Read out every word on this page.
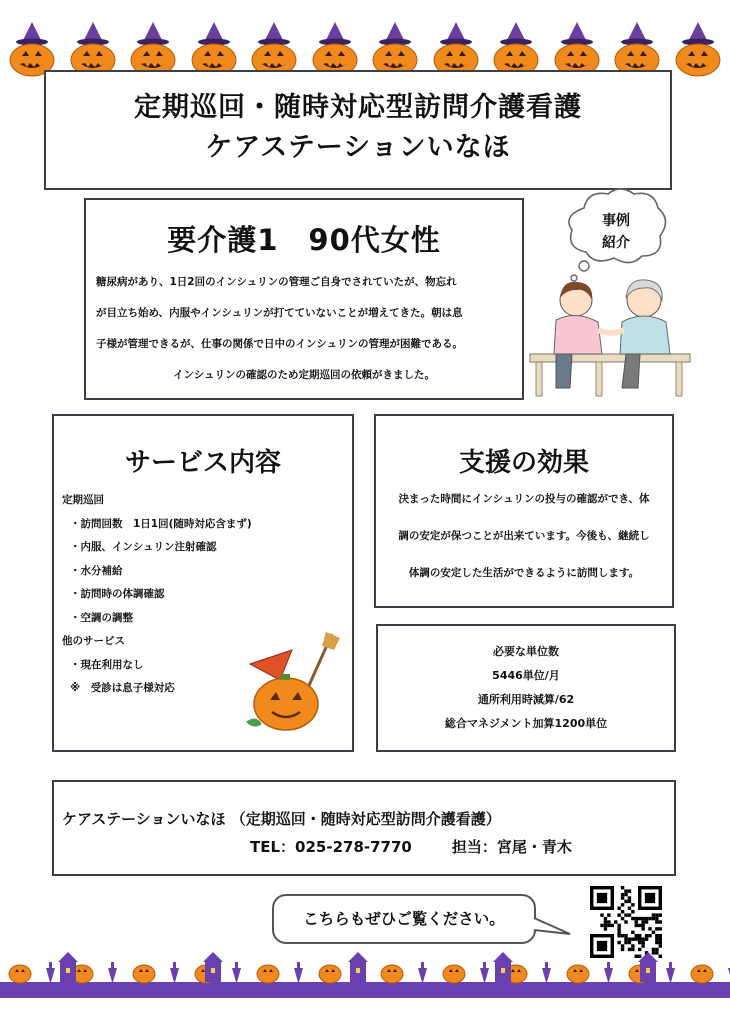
定期巡回・随時対応型訪問介護看護
ケアステーションいなほ
要介護1　90代女性
糖尿病があり、1日2回のインシュリンの管理ご自身でされていたが、物忘れ
が目立ち始め、内服やインシュリンが打てていないことが増えてきた。朝は息
子様が管理できるが、仕事の関係で日中のインシュリンの管理が困難である。
インシュリンの確認のため定期巡回の依頼がきました。
事例
紹介
サービス内容
定期巡回
・訪問回数　1日1回(随時対応含まず)
・内服、インシュリン注射確認
・水分補給
・訪問時の体調確認
・空調の調整
他のサービス
・現在利用なし
※　受診は息子様対応
支援の効果
決まった時間にインシュリンの投与の確認ができ、体
調の安定が保つことが出来ています。今後も、継続し
体調の安定した生活ができるように訪問します。
必要な単位数
5446単位/月
通所利用時減算/62
総合マネジメント加算1200単位
ケアステーションいなほ （定期巡回・随時対応型訪問介護看護）
TEL：025-278-7770	担当：宮尾・青木
こちらもぜひご覧ください。
